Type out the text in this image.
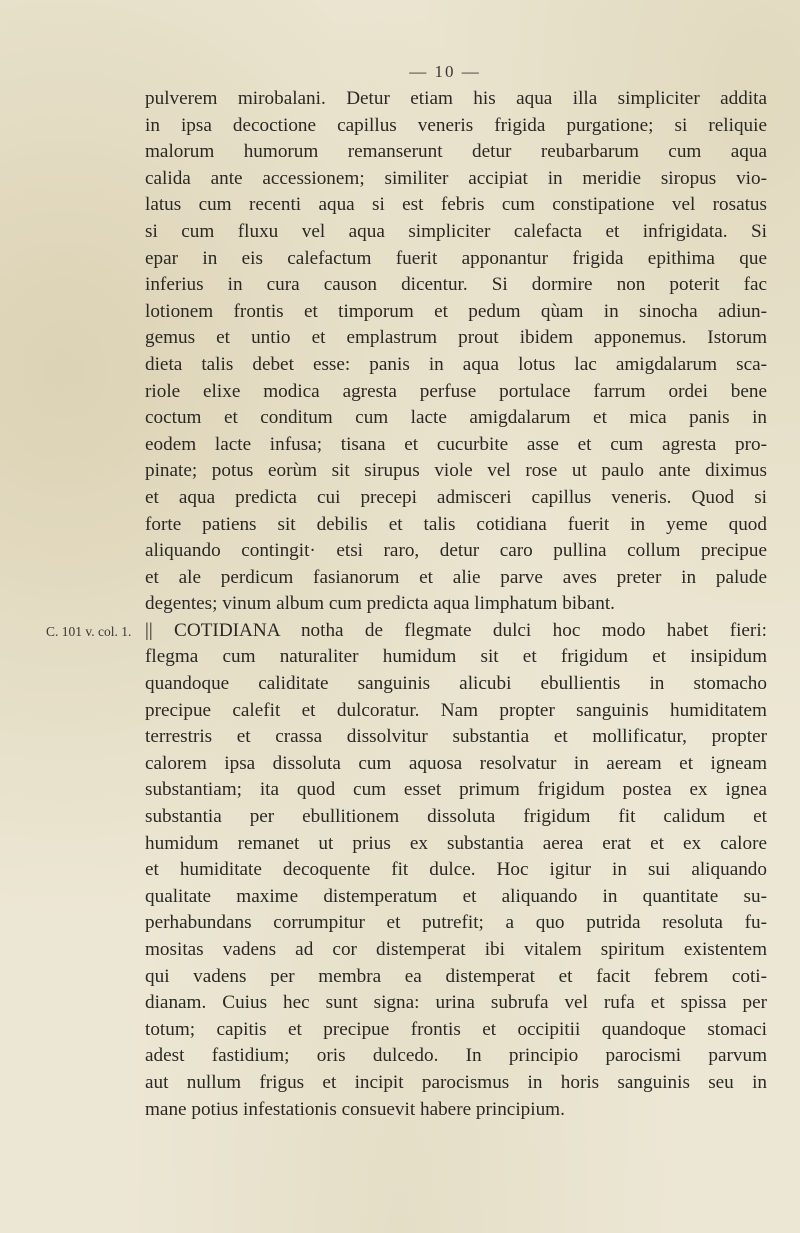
— 10 —
C. 101 v. col. 1.
pulverem mirobalani. Detur etiam his aqua illa simpliciter addita
in ipsa decoctione capillus veneris frigida purgatione; si reliquie
malorum humorum remanserunt detur reubarbarum cum aqua
calida ante accessionem; similiter accipiat in meridie siropus vio-
latus cum recenti aqua si est febris cum constipatione vel rosatus
si cum fluxu vel aqua simpliciter calefacta et infrigidata. Si
epar in eis calefactum fuerit apponantur frigida epithima que
inferius in cura causon dicentur. Si dormire non poterit fac
lotionem frontis et timporum et pedum qùam in sinocha adiun-
gemus et untio et emplastrum prout ibidem apponemus. Istorum
dieta talis debet esse: panis in aqua lotus lac amigdalarum sca-
riole elixe modica agresta perfuse portulace farrum ordei bene
coctum et conditum cum lacte amigdalarum et mica panis in
eodem lacte infusa; tisana et cucurbite asse et cum agresta pro-
pinate; potus eorùm sit sirupus viole vel rose ut paulo ante diximus
et aqua predicta cui precepi admisceri capillus veneris. Quod si
forte patiens sit debilis et talis cotidiana fuerit in yeme quod
aliquando contingit· etsi raro, detur caro pullina collum precipue
et ale perdicum fasianorum et alie parve aves preter in palude
degentes; vinum album cum predicta aqua limphatum bibant.
|| COTIDIANA notha de flegmate dulci hoc modo habet fieri:
flegma cum naturaliter humidum sit et frigidum et insipidum
quandoque caliditate sanguinis alicubi ebullientis in stomacho
precipue calefit et dulcoratur. Nam propter sanguinis humiditatem
terrestris et crassa dissolvitur substantia et mollificatur, propter
calorem ipsa dissoluta cum aquosa resolvatur in aeream et igneam
substantiam; ita quod cum esset primum frigidum postea ex ignea
substantia per ebullitionem dissoluta frigidum fit calidum et
humidum remanet ut prius ex substantia aerea erat et ex calore
et humiditate decoquente fit dulce. Hoc igitur in sui aliquando
qualitate maxime distemperatum et aliquando in quantitate su-
perhabundans corrumpitur et putrefit; a quo putrida resoluta fu-
mositas vadens ad cor distemperat ibi vitalem spiritum existentem
qui vadens per membra ea distemperat et facit febrem coti-
dianam. Cuius hec sunt signa: urina subrufa vel rufa et spissa per
totum; capitis et precipue frontis et occipitii quandoque stomaci
adest fastidium; oris dulcedo. In principio parocismi parvum
aut nullum frigus et incipit parocismus in horis sanguinis seu in
mane potius infestationis consuevit habere principium.
